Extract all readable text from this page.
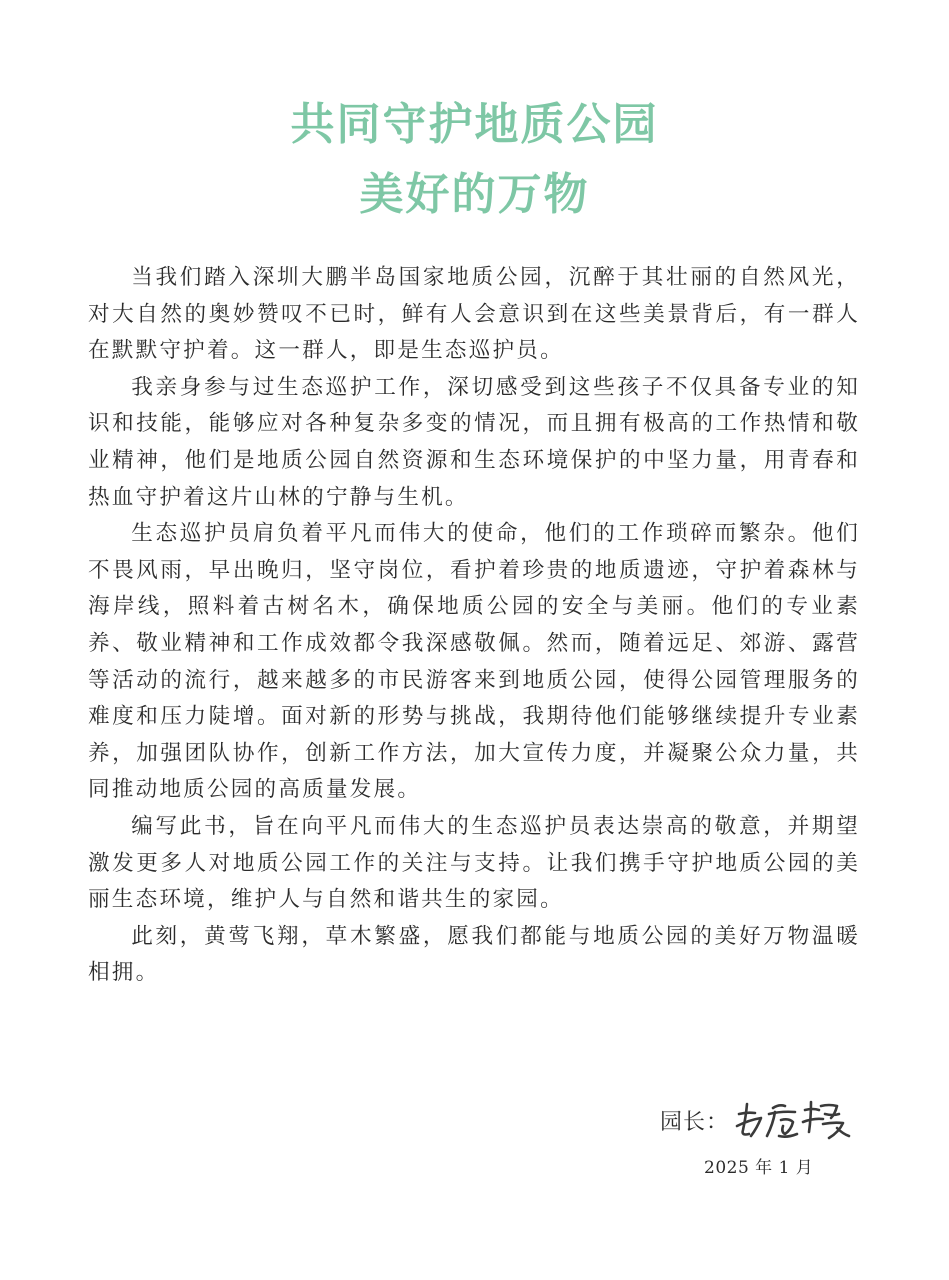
共同守护地质公园
美好的万物

当我们踏入深圳大鹏半岛国家地质公园，沉醉于其壮丽的自然风光，对大自然的奥妙赞叹不已时，鲜有人会意识到在这些美景背后，有一群人在默默守护着。这一群人，即是生态巡护员。

我亲身参与过生态巡护工作，深切感受到这些孩子不仅具备专业的知识和技能，能够应对各种复杂多变的情况，而且拥有极高的工作热情和敬业精神，他们是地质公园自然资源和生态环境保护的中坚力量，用青春和热血守护着这片山林的宁静与生机。

生态巡护员肩负着平凡而伟大的使命，他们的工作琐碎而繁杂。他们不畏风雨，早出晚归，坚守岗位，看护着珍贵的地质遗迹，守护着森林与海岸线，照料着古树名木，确保地质公园的安全与美丽。他们的专业素养、敬业精神和工作成效都令我深感敬佩。然而，随着远足、郊游、露营等活动的流行，越来越多的市民游客来到地质公园，使得公园管理服务的难度和压力陡增。面对新的形势与挑战，我期待他们能够继续提升专业素养，加强团队协作，创新工作方法，加大宣传力度，并凝聚公众力量，共同推动地质公园的高质量发展。

编写此书，旨在向平凡而伟大的生态巡护员表达崇高的敬意，并期望激发更多人对地质公园工作的关注与支持。让我们携手守护地质公园的美丽生态环境，维护人与自然和谐共生的家园。

此刻，黄莺飞翔，草木繁盛，愿我们都能与地质公园的美好万物温暖相拥。

园长：
2025 年 1 月
